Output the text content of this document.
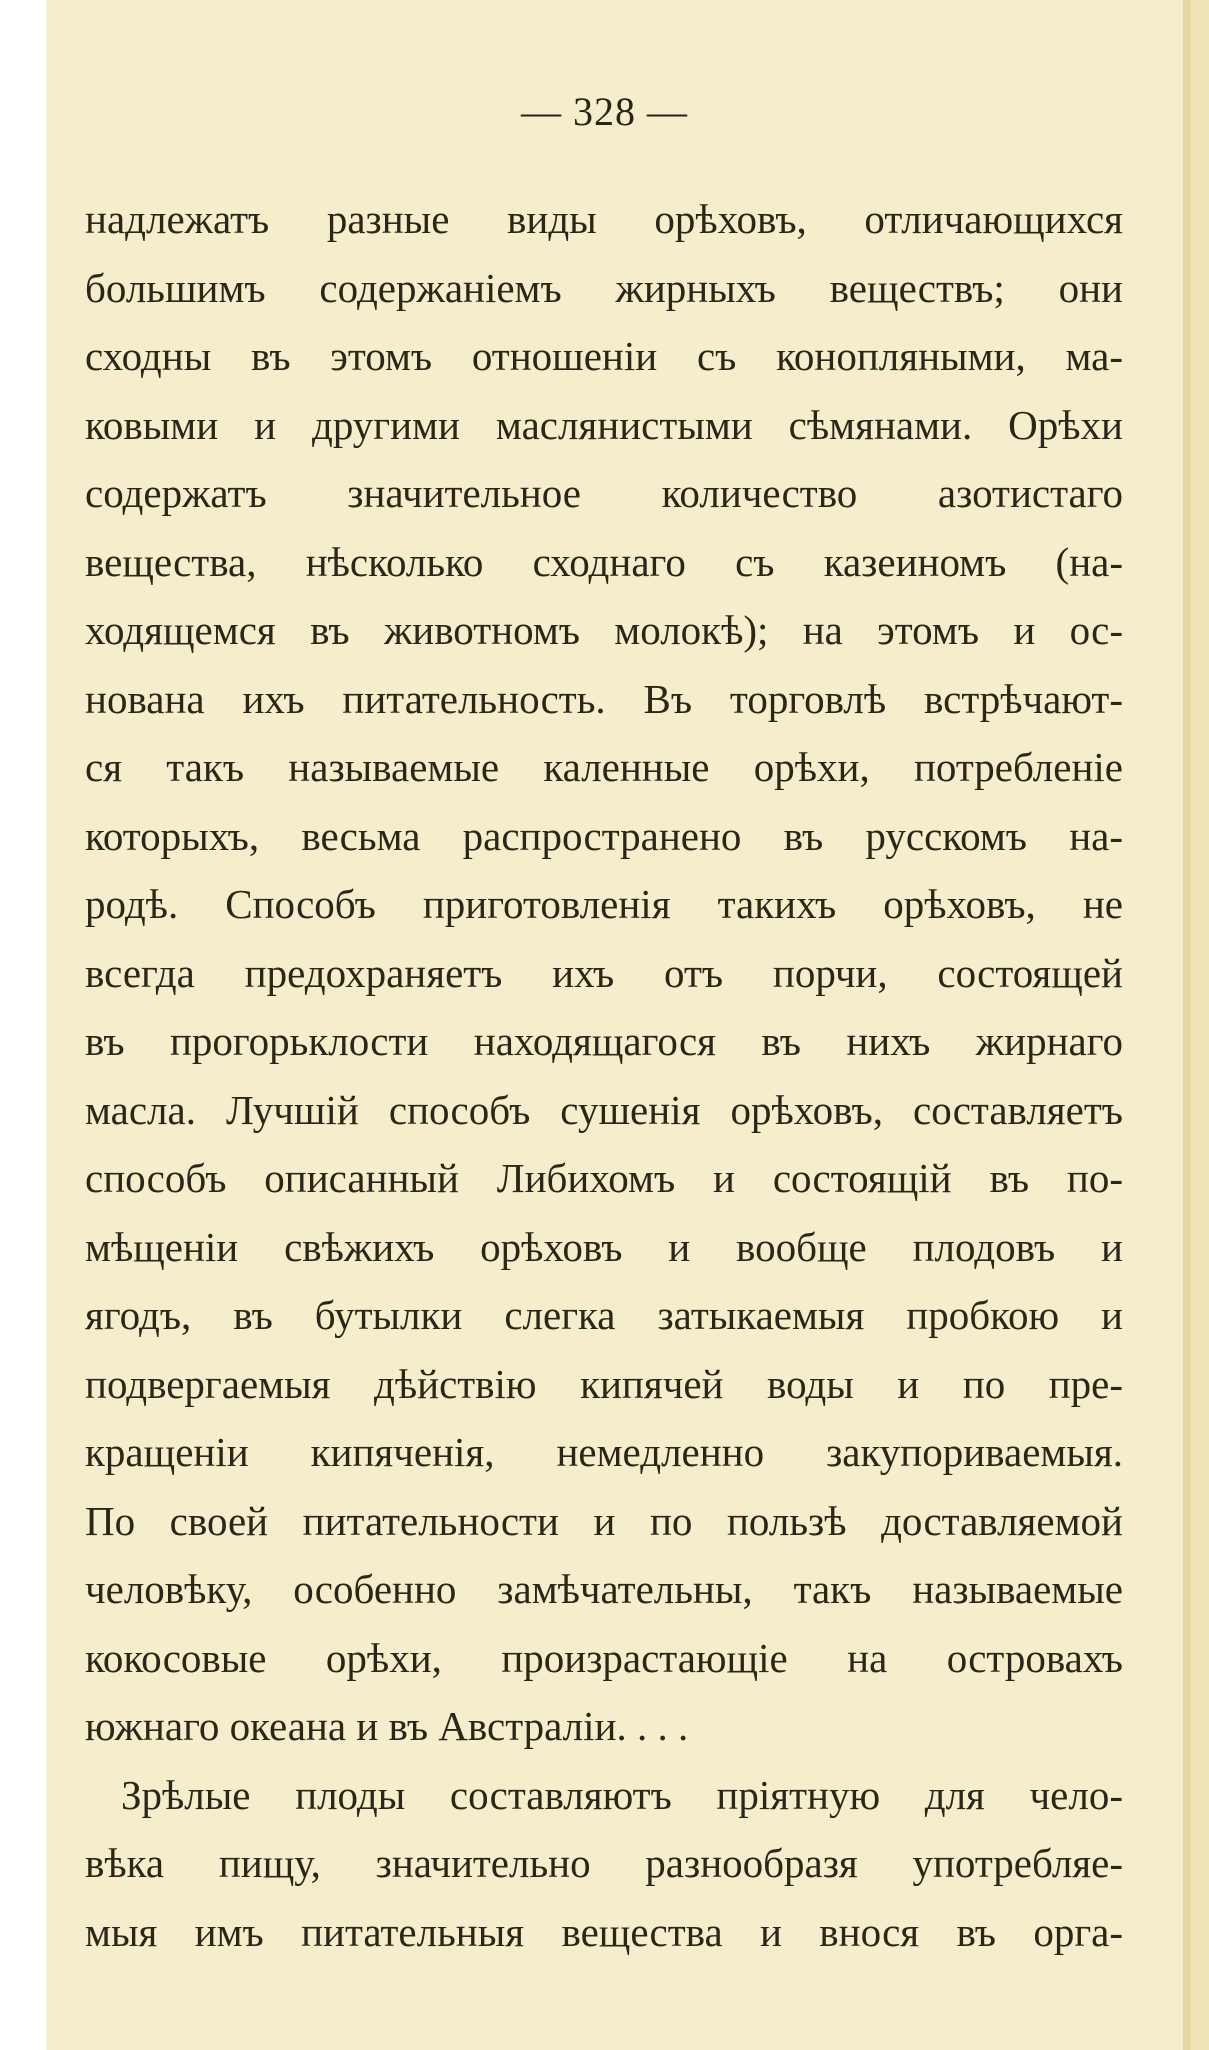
— 328 —
надлежатъ разные виды орѣховъ, отличающихся
большимъ содержаніемъ жирныхъ веществъ; они
сходны въ этомъ отношеніи съ конопляными, ма-
ковыми и другими маслянистыми сѣмянами. Орѣхи
содержатъ значительное количество азотистаго
вещества, нѣсколько сходнаго съ казеиномъ (на-
ходящемся въ животномъ молокѣ); на этомъ и ос-
нована ихъ питательность. Въ торговлѣ встрѣчают-
ся такъ называемые каленные орѣхи, потребленіе
которыхъ, весьма распространено въ русскомъ на-
родѣ. Способъ приготовленія такихъ орѣховъ, не
всегда предохраняетъ ихъ отъ порчи, состоящей
въ прогорьклости находящагося въ нихъ жирнаго
масла. Лучшій способъ сушенія орѣховъ, составляетъ
способъ описанный Либихомъ и состоящій въ по-
мѣщеніи свѣжихъ орѣховъ и вообще плодовъ и
ягодъ, въ бутылки слегка затыкаемыя пробкою и
подвергаемыя дѣйствію кипячей воды и по пре-
кращеніи кипяченія, немедленно закупориваемыя.
По своей питательности и по пользѣ доставляемой
человѣку, особенно замѣчательны, такъ называемые
кокосовые орѣхи, произрастающіе на островахъ
южнаго океана и въ Австраліи. . . .
Зрѣлые плоды составляютъ пріятную для чело-
вѣка пищу, значительно разнообразя употребляе-
мыя имъ питательныя вещества и внося въ орга-
